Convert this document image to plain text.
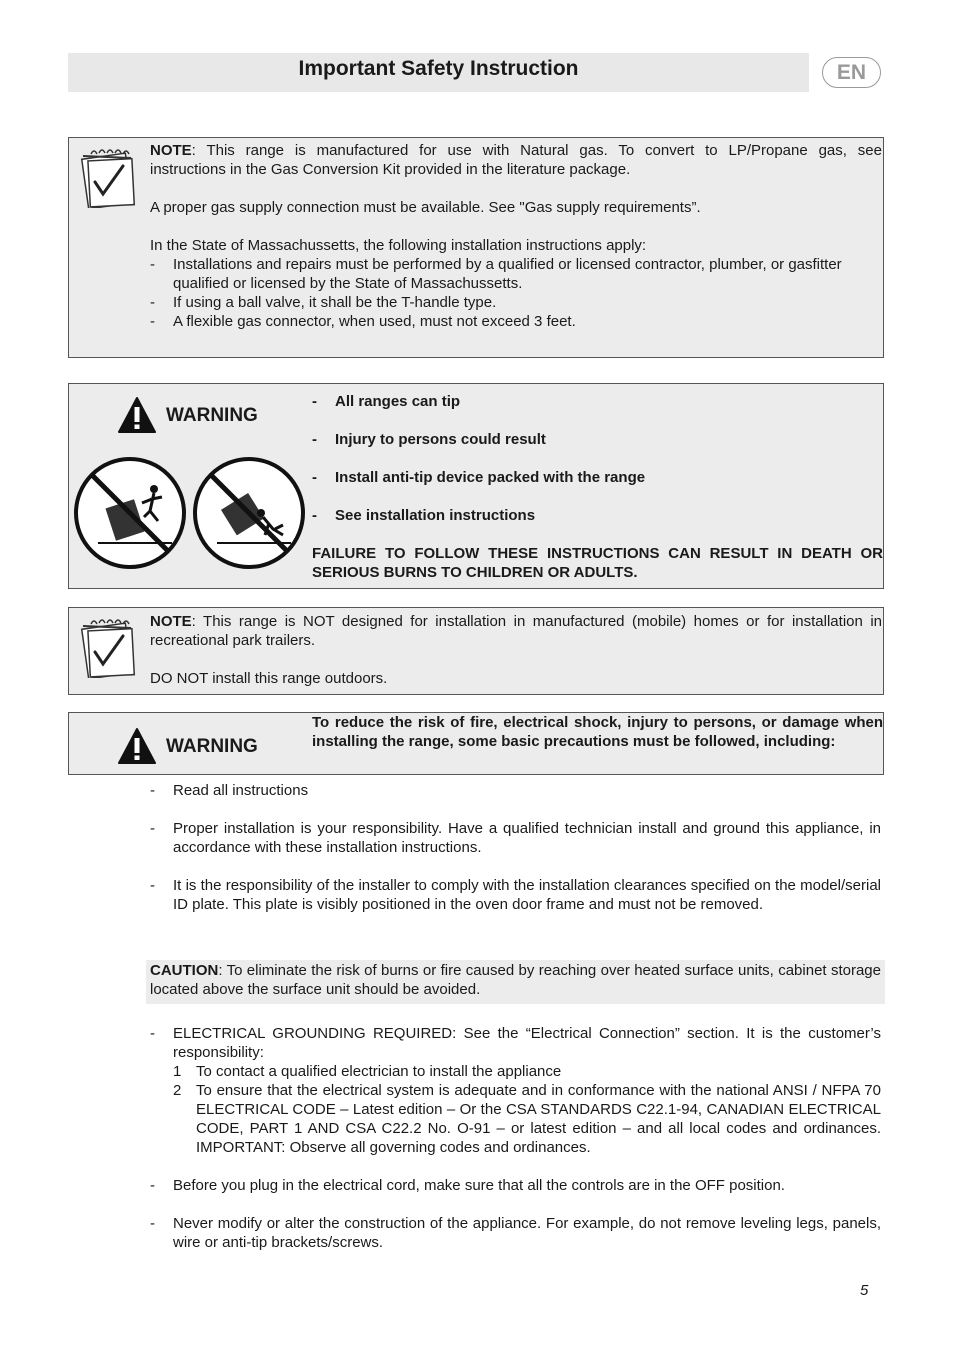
Important Safety Instruction	EN

NOTE: This range is manufactured for use with Natural gas. To convert to LP/Propane gas, see

instructions in the Gas Conversion Kit provided in the literature package.

A proper gas supply connection must be available. See "Gas supply requirements”.

In the State of Massachussetts, the following installation instructions apply:

- Installations and repairs must be performed by a qualified or licensed contractor, plumber, or gasfitter qualified or licensed by the State of Massachussetts.
- If using a ball valve, it shall be the T-handle type.
- A flexible gas connector, when used, must not exceed 3 feet.
WARNING
- All ranges can tip
- Injury to persons could result
- Install anti-tip device packed with the range
- See installation instructions

FAILURE TO FOLLOW THESE INSTRUCTIONS CAN RESULT IN DEATH OR SERIOUS BURNS TO CHILDREN OR ADULTS.

NOTE: This range is NOT designed for installation in manufactured (mobile) homes or for installation in recreational park trailers.

DO NOT install this range outdoors.

WARNING

To reduce the risk of fire, electrical shock, injury to persons, or damage when installing the range, some basic precautions must be followed, including:

- Read all instructions
- Proper installation is your responsibility. Have a qualified technician install and ground this appliance, in accordance with these installation instructions.
- It is the responsibility of the installer to comply with the installation clearances specified on the model/serial ID plate. This plate is visibly positioned in the oven door frame and must not be removed.

CAUTION: To eliminate the risk of burns or fire caused by reaching over heated surface units, cabinet storage located above the surface unit should be avoided.

- ELECTRICAL GROUNDING REQUIRED: See the “Electrical Connection” section. It is the customer’s responsibility:
1 To contact a qualified electrician to install the appliance
2 To ensure that the electrical system is adequate and in conformance with the national ANSI / NFPA 70 ELECTRICAL CODE – Latest edition – Or the CSA STANDARDS C22.1-94, CANADIAN ELECTRICAL CODE, PART 1 AND CSA C22.2 No. O-91 – or latest edition – and all local codes and ordinances. IMPORTANT: Observe all governing codes and ordinances.
- Before you plug in the electrical cord, make sure that all the controls are in the OFF position.
- Never modify or alter the construction of the appliance. For example, do not remove leveling legs, panels, wire or anti-tip brackets/screws.
5
